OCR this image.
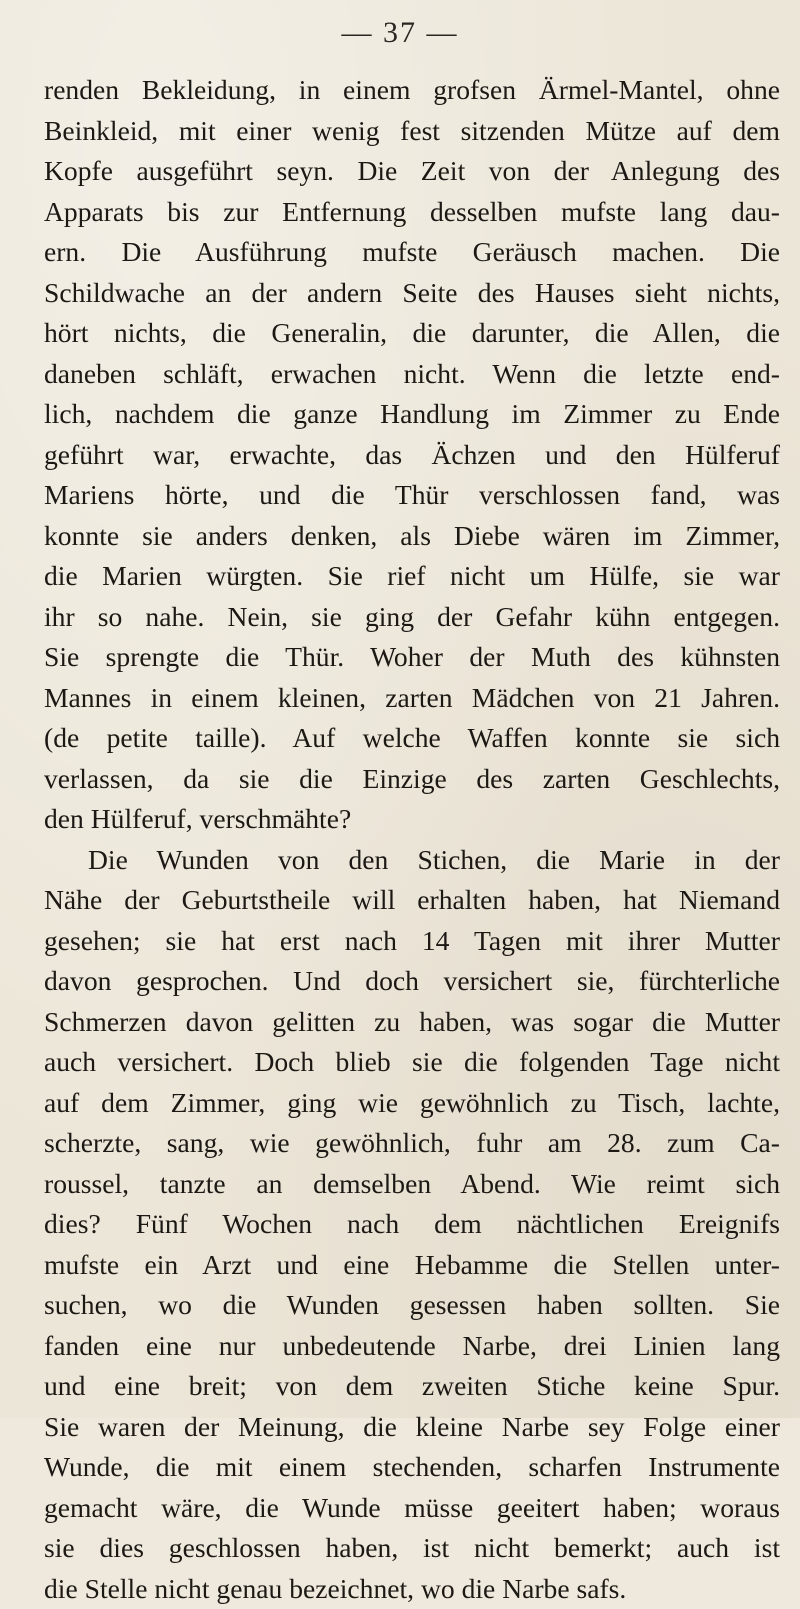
— 37 —
renden Bekleidung, in einem grofsen Ärmel-Mantel, ohne
Beinkleid, mit einer wenig fest sitzenden Mütze auf dem
Kopfe ausgeführt seyn. Die Zeit von der Anlegung des
Apparats bis zur Entfernung desselben mufste lang dau-
ern. Die Ausführung mufste Geräusch machen. Die
Schildwache an der andern Seite des Hauses sieht nichts,
hört nichts, die Generalin, die darunter, die Allen, die
daneben schläft, erwachen nicht. Wenn die letzte end-
lich, nachdem die ganze Handlung im Zimmer zu Ende
geführt war, erwachte, das Ächzen und den Hülferuf
Mariens hörte, und die Thür verschlossen fand, was
konnte sie anders denken, als Diebe wären im Zimmer,
die Marien würgten. Sie rief nicht um Hülfe, sie war
ihr so nahe. Nein, sie ging der Gefahr kühn entgegen.
Sie sprengte die Thür. Woher der Muth des kühnsten
Mannes in einem kleinen, zarten Mädchen von 21 Jahren.
(de petite taille). Auf welche Waffen konnte sie sich
verlassen, da sie die Einzige des zarten Geschlechts,
den Hülferuf, verschmähte?
Die Wunden von den Stichen, die Marie in der
Nähe der Geburtstheile will erhalten haben, hat Niemand
gesehen; sie hat erst nach 14 Tagen mit ihrer Mutter
davon gesprochen. Und doch versichert sie, fürchterliche
Schmerzen davon gelitten zu haben, was sogar die Mutter
auch versichert. Doch blieb sie die folgenden Tage nicht
auf dem Zimmer, ging wie gewöhnlich zu Tisch, lachte,
scherzte, sang, wie gewöhnlich, fuhr am 28. zum Ca-
roussel, tanzte an demselben Abend. Wie reimt sich
dies? Fünf Wochen nach dem nächtlichen Ereignifs
mufste ein Arzt und eine Hebamme die Stellen unter-
suchen, wo die Wunden gesessen haben sollten. Sie
fanden eine nur unbedeutende Narbe, drei Linien lang
und eine breit; von dem zweiten Stiche keine Spur.
Sie waren der Meinung, die kleine Narbe sey Folge einer
Wunde, die mit einem stechenden, scharfen Instrumente
gemacht wäre, die Wunde müsse geeitert haben; woraus
sie dies geschlossen haben, ist nicht bemerkt; auch ist
die Stelle nicht genau bezeichnet, wo die Narbe safs.
